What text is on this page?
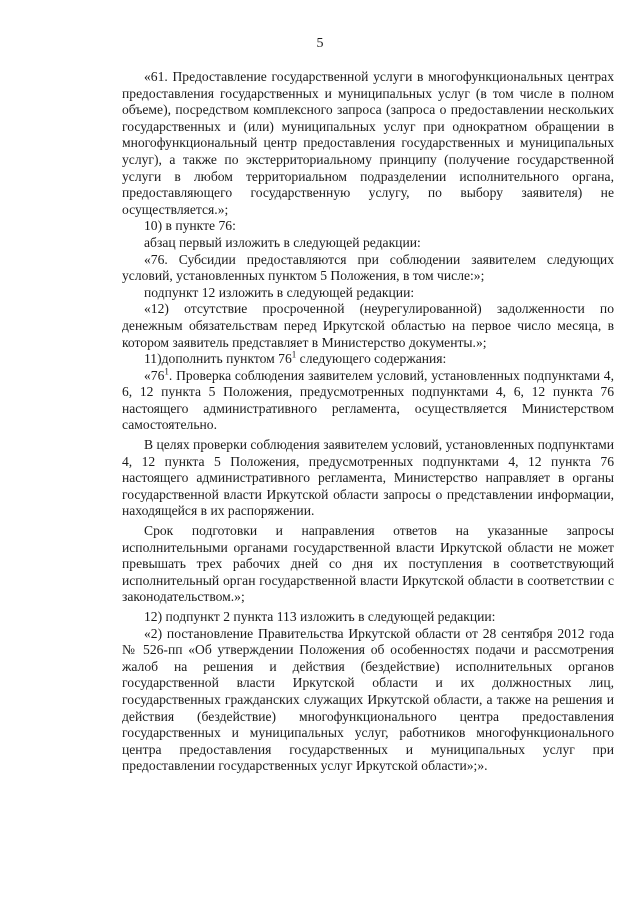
5

«61. Предоставление государственной услуги в многофункциональных центрах предоставления государственных и муниципальных услуг (в том числе в полном объеме), посредством комплексного запроса (запроса о предоставлении нескольких государственных и (или) муниципальных услуг при однократном обращении в многофункциональный центр предоставления государственных и муниципальных услуг), а также по экстерриториальному принципу (получение государственной услуги в любом территориальном подразделении исполнительного органа, предоставляющего государственную услугу, по выбору заявителя) не осуществляется.»;

10) в пункте 76:

абзац первый изложить в следующей редакции:

«76. Субсидии предоставляются при соблюдении заявителем следующих условий, установленных пунктом 5 Положения, в том числе:»;

подпункт 12 изложить в следующей редакции:

«12) отсутствие просроченной (неурегулированной) задолженности по денежным обязательствам перед Иркутской областью на первое число месяца, в котором заявитель представляет в Министерство документы.»;

11)дополнить пунктом $76^1$ следующего содержания:

«$76^1$. Проверка соблюдения заявителем условий, установленных подпунктами 4, 6, 12 пункта 5 Положения, предусмотренных подпунктами 4, 6, 12 пункта 76 настоящего административного регламента, осуществляется Министерством самостоятельно.

В целях проверки соблюдения заявителем условий, установленных подпунктами 4, 12 пункта 5 Положения, предусмотренных подпунктами 4, 12 пункта 76 настоящего административного регламента, Министерство направляет в органы государственной власти Иркутской области запросы о представлении информации, находящейся в их распоряжении.

Срок подготовки и направления ответов на указанные запросы исполнительными органами государственной власти Иркутской области не может превышать трех рабочих дней со дня их поступления в соответствующий исполнительный орган государственной власти Иркутской области в соответствии с законодательством.»;

12) подпункт 2 пункта 113 изложить в следующей редакции:

«2) постановление Правительства Иркутской области от 28 сентября 2012 года № 526-пп «Об утверждении Положения об особенностях подачи и рассмотрения жалоб на решения и действия (бездействие) исполнительных органов государственной власти Иркутской области и их должностных лиц, государственных гражданских служащих Иркутской области, а также на решения и действия (бездействие) многофункционального центра предоставления государственных и муниципальных услуг, работников многофункционального центра предоставления государственных и муниципальных услуг при предоставлении государственных услуг Иркутской области»;».
